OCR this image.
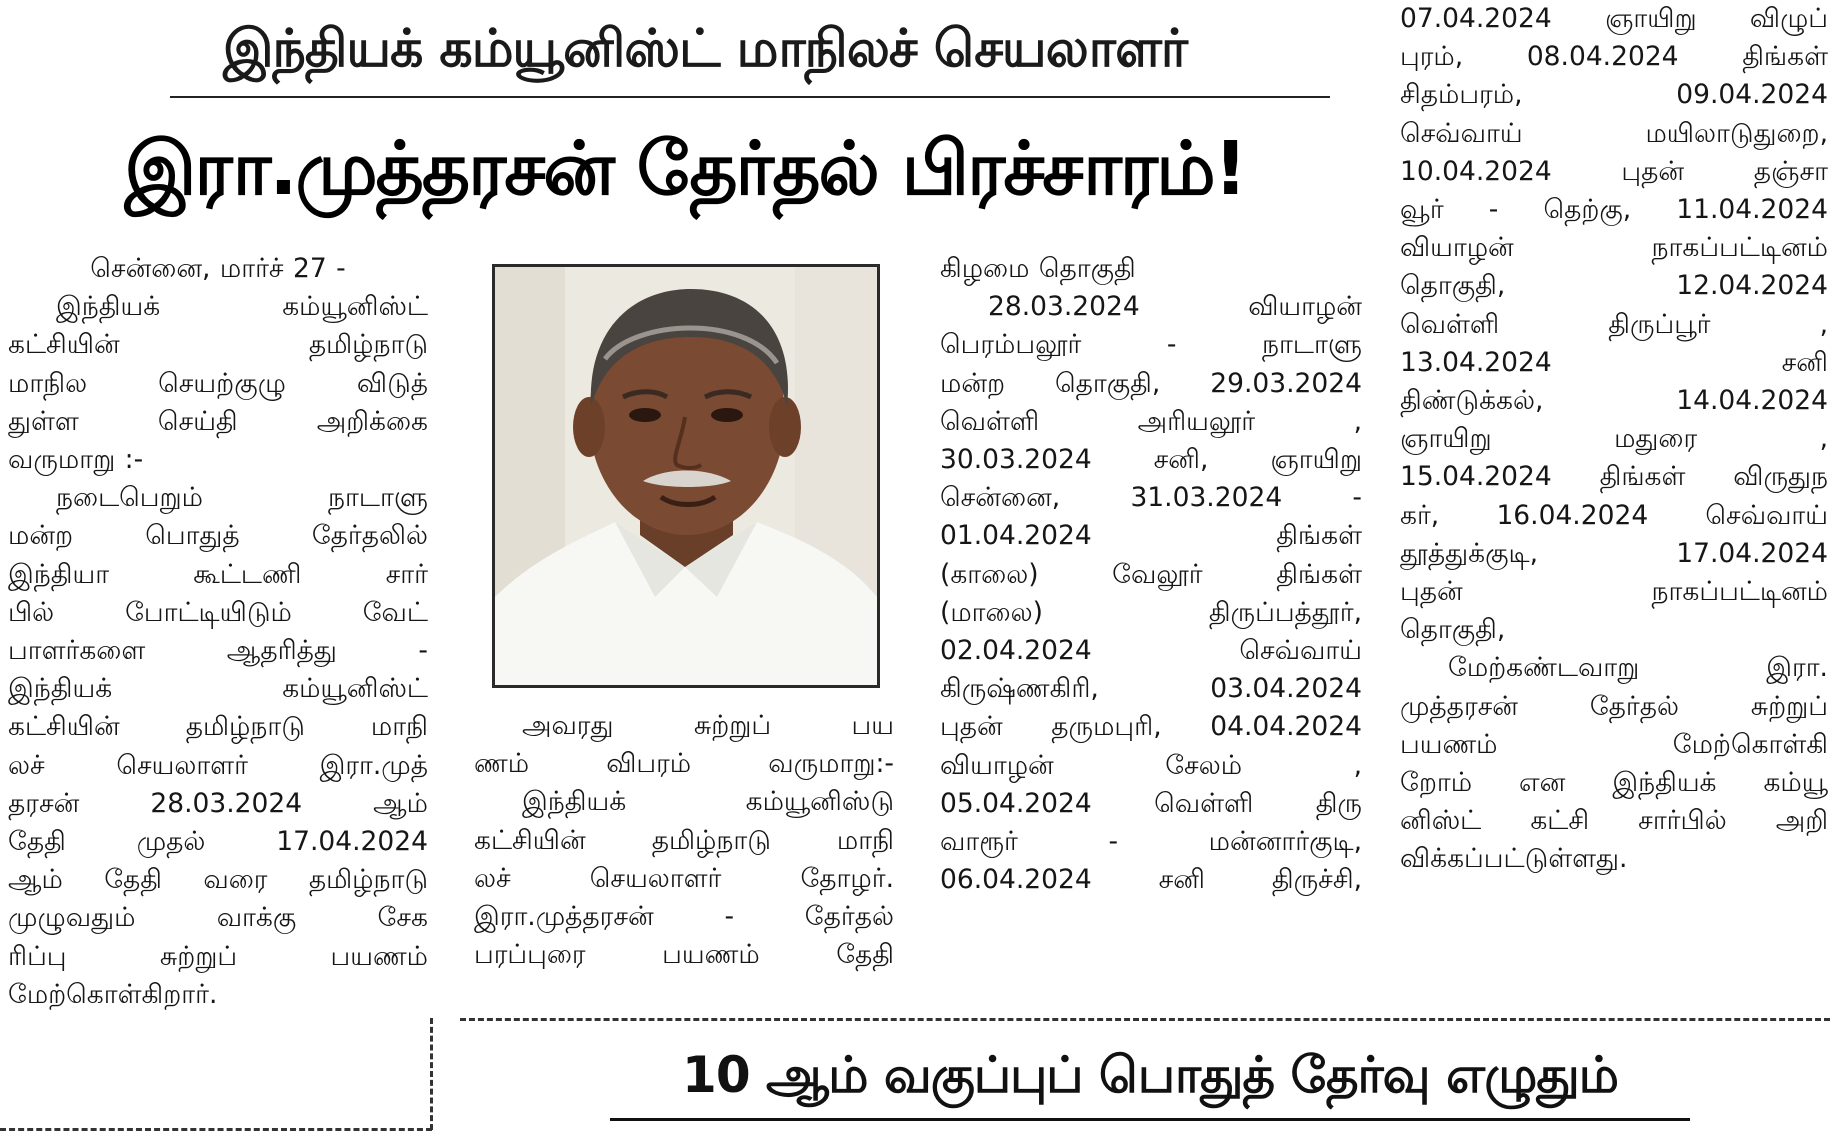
இந்தியக் கம்யூனிஸ்ட் மாநிலச் செயலாளர்
இரா.முத்தரசன் தேர்தல் பிரச்சாரம்!

சென்னை, மார்ச் 27 -

இந்தியக் கம்யூனிஸ்ட்

கட்சியின் தமிழ்நாடு

மாநில செயற்குழு விடுத்

துள்ள செய்தி அறிக்கை

வருமாறு :-

நடைபெறும் நாடாளு

மன்ற பொதுத் தேர்தலில்

இந்தியா கூட்டணி சார்

பில் போட்டியிடும் வேட்

பாளர்களை ஆதரித்து -

இந்தியக் கம்யூனிஸ்ட்

கட்சியின் தமிழ்நாடு மாநி

லச் செயலாளர் இரா.முத்

தரசன் 28.03.2024 ஆம்

தேதி முதல் 17.04.2024

ஆம் தேதி வரை தமிழ்நாடு

முழுவதும் வாக்கு சேக

ரிப்பு சுற்றுப் பயணம்

மேற்கொள்கிறார்.

அவரது சுற்றுப் பய

ணம் விபரம் வருமாறு:-

இந்தியக் கம்யூனிஸ்டு

கட்சியின் தமிழ்நாடு மாநி

லச் செயலாளர் தோழர்.

இரா.முத்தரசன் - தேர்தல்

பரப்புரை பயணம் தேதி

கிழமை தொகுதி

28.03.2024 வியாழன்

பெரம்பலூர் - நாடாளு

மன்ற தொகுதி, 29.03.2024

வெள்ளி அரியலூர் ,

30.03.2024 சனி, ஞாயிறு

சென்னை, 31.03.2024 -

01.04.2024 திங்கள்

(காலை) வேலூர் திங்கள்

(மாலை) திருப்பத்தூர்,

02.04.2024 செவ்வாய்

கிருஷ்ணகிரி, 03.04.2024

புதன் தருமபுரி, 04.04.2024

வியாழன் சேலம் ,

05.04.2024 வெள்ளி திரு

வாரூர் - மன்னார்குடி,

06.04.2024 சனி திருச்சி,

07.04.2024 ஞாயிறு விழுப்

புரம், 08.04.2024 திங்கள்

சிதம்பரம், 09.04.2024

செவ்வாய் மயிலாடுதுறை,

10.04.2024 புதன் தஞ்சா

வூர் - தெற்கு, 11.04.2024

வியாழன் நாகப்பட்டினம்

தொகுதி, 12.04.2024

வெள்ளி திருப்பூர் ,

13.04.2024 சனி

திண்டுக்கல், 14.04.2024

ஞாயிறு மதுரை ,

15.04.2024 திங்கள் விருதுந

கர், 16.04.2024 செவ்வாய்

தூத்துக்குடி, 17.04.2024

புதன் நாகப்பட்டினம்

தொகுதி,

மேற்கண்டவாறு இரா.

முத்தரசன் தேர்தல் சுற்றுப்

பயணம் மேற்கொள்கி

றோம் என இந்தியக் கம்யூ

னிஸ்ட் கட்சி சார்பில் அறி

விக்கப்பட்டுள்ளது.

10 ஆம் வகுப்புப் பொதுத் தேர்வு எழுதும்
